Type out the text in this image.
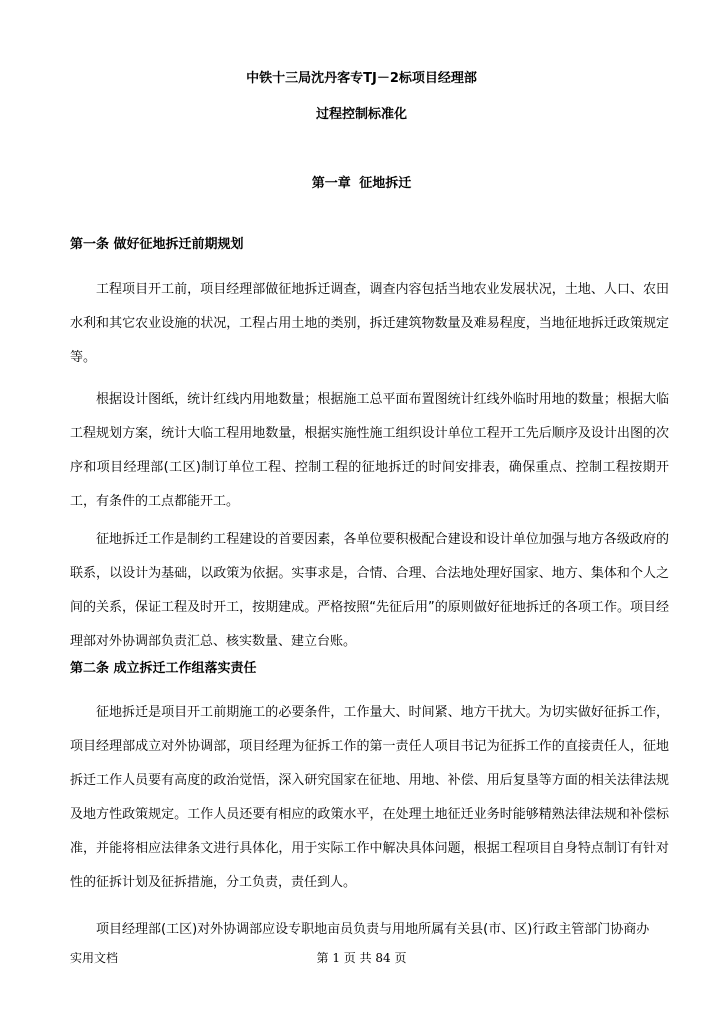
中铁十三局沈丹客专TJ－2标项目经理部
过程控制标准化
第一章 征地拆迁
第一条 做好征地拆迁前期规划

工程项目开工前，项目经理部做征地拆迁调查，调查内容包括当地农业发展状况，土地、人口、农田水利和其它农业设施的状况，工程占用土地的类别，拆迁建筑物数量及难易程度，当地征地拆迁政策规定等。

根据设计图纸，统计红线内用地数量；根据施工总平面布置图统计红线外临时用地的数量；根据大临工程规划方案，统计大临工程用地数量，根据实施性施工组织设计单位工程开工先后顺序及设计出图的次序和项目经理部(工区)制订单位工程、控制工程的征地拆迁的时间安排表，确保重点、控制工程按期开工，有条件的工点都能开工。

征地拆迁工作是制约工程建设的首要因素，各单位要积极配合建设和设计单位加强与地方各级政府的联系，以设计为基础，以政策为依据。实事求是，合情、合理、合法地处理好国家、地方、集体和个人之间的关系，保证工程及时开工，按期建成。严格按照“先征后用”的原则做好征地拆迁的各项工作。项目经理部对外协调部负责汇总、核实数量、建立台账。

第二条 成立拆迁工作组落实责任

征地拆迁是项目开工前期施工的必要条件，工作量大、时间紧、地方干扰大。为切实做好征拆工作，项目经理部成立对外协调部，项目经理为征拆工作的第一责任人项目书记为征拆工作的直接责任人，征地拆迁工作人员要有高度的政治觉悟，深入研究国家在征地、用地、补偿、用后复垦等方面的相关法律法规及地方性政策规定。工作人员还要有相应的政策水平，在处理土地征迁业务时能够精熟法律法规和补偿标准，并能将相应法律条文进行具体化，用于实际工作中解决具体问题，根据工程项目自身特点制订有针对性的征拆计划及征拆措施，分工负责，责任到人。

项目经理部(工区)对外协调部应设专职地亩员负责与用地所属有关县(市、区)行政主管部门协商办

实用文档	第 1 页 共 84 页
